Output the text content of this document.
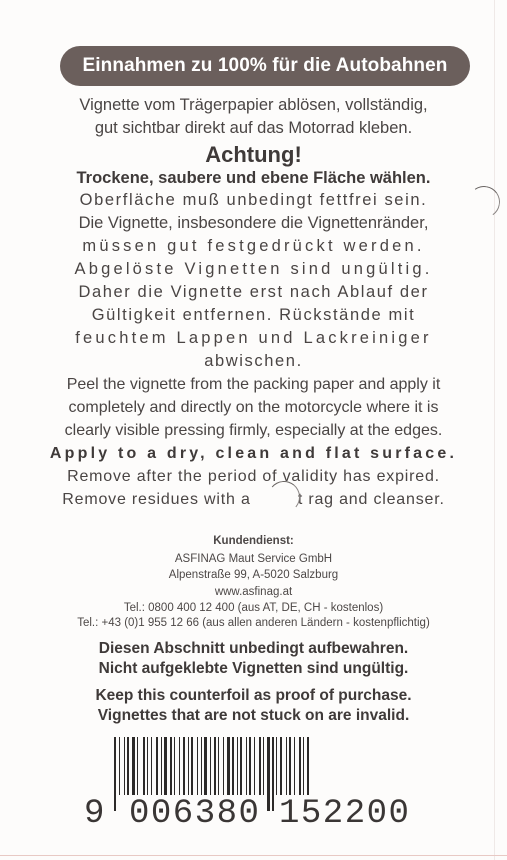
Einnahmen zu 100% für die Autobahnen
Vignette vom Trägerpapier ablösen, vollständig,
gut sichtbar direkt auf das Motorrad kleben.
Achtung!
Trockene, saubere und ebene Fläche wählen.
Oberfläche muß unbedingt fettfrei sein.
Die Vignette, insbesondere die Vignettenränder,
müssen gut festgedrückt werden.
Abgelöste Vignetten sind ungültig.
Daher die Vignette erst nach Ablauf der
Gültigkeit entfernen. Rückstände mit
feuchtem Lappen und Lackreiniger
abwischen.
Peel the vignette from the packing paper and apply it
completely and directly on the motorcycle where it is
clearly visible pressing firmly, especially at the edges.
Apply to a dry, clean and flat surface.
Remove after the period of validity has expired.
Remove residues with a         t rag and cleanser.
Kundendienst:
ASFINAG Maut Service GmbH
Alpenstraße 99, A-5020 Salzburg
www.asfinag.at
Tel.: 0800 400 12 400 (aus AT, DE, CH - kostenlos)
Tel.: +43 (0)1 955 12 66 (aus allen anderen Ländern - kostenpflichtig)
Diesen Abschnitt unbedingt aufbewahren.
Nicht aufgeklebte Vignetten sind ungültig.
Keep this counterfoil as proof of purchase.
Vignettes that are not stuck on are invalid.
9 006380 152200
